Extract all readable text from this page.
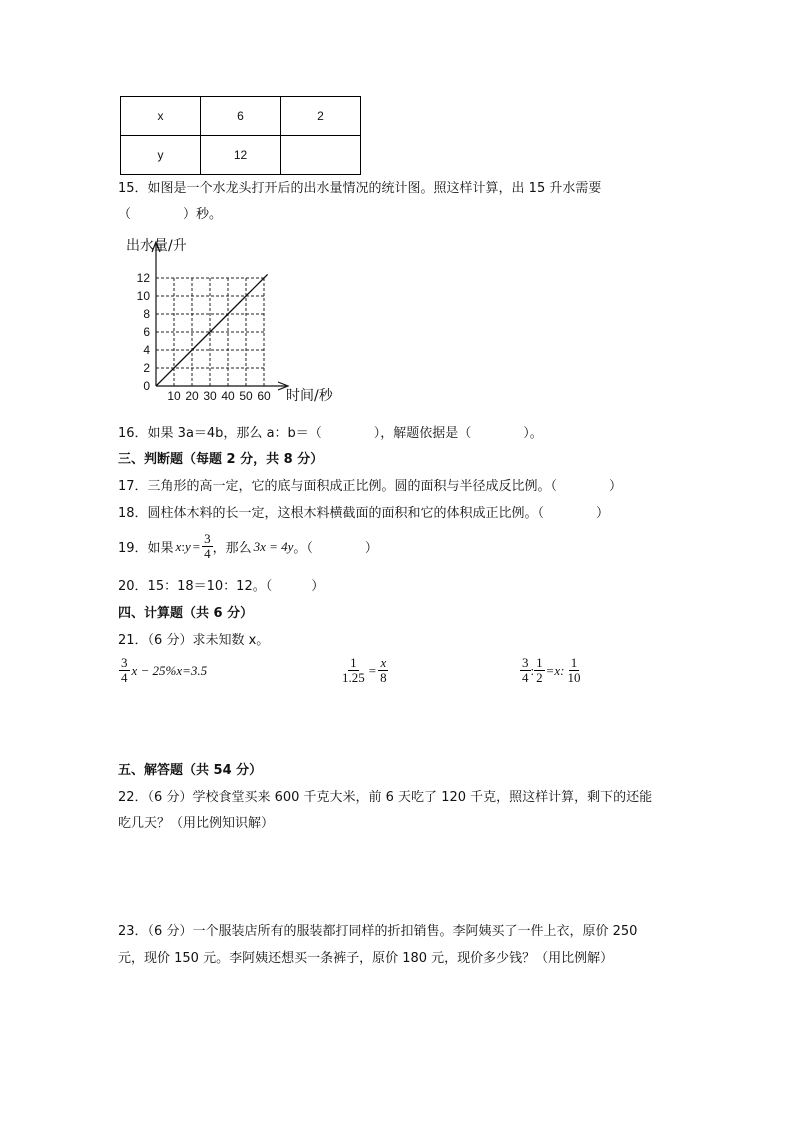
x	6	2
y	12	
15．如图是一个水龙头打开后的出水量情况的统计图。照这样计算，出 15 升水需要
（　　　　）秒。
出水量/升
0
2
4
6
8
10
12
10 20 30 40 50 60 时间/秒
16．如果 3a＝4b，那么 a：b＝（　　　　），解题依据是（　　　　）。
三、判断题（每题 2 分，共 8 分）
17．三角形的高一定，它的底与面积成正比例。圆的面积与半径成反比例。（　　　　）
18．圆柱体木料的长一定，这根木料横截面的面积和它的体积成正比例。（　　　　）
19．如果 x : $y = \frac{3}{4}$ ，那么 3x = 4y 。（　　　　）
20．15：18＝10：12。（　　　）
四、计算题（共 6 分）
21．（6 分）求未知数 x。
$\frac{3}{4}$ x − 25%x=3.5	$\frac{1}{1.25} = \frac{x}{8}$	$\frac{3}{4}$ : $\frac{1}{2} =x$: $\frac{1}{10}$
五、解答题（共 54 分）
22．（6 分）学校食堂买来 600 千克大米，前 6 天吃了 120 千克，照这样计算，剩下的还能
吃几天？（用比例知识解）
23．（6 分）一个服装店所有的服装都打同样的折扣销售。李阿姨买了一件上衣，原价 250
元，现价 150 元。李阿姨还想买一条裤子，原价 180 元，现价多少钱？（用比例解）
